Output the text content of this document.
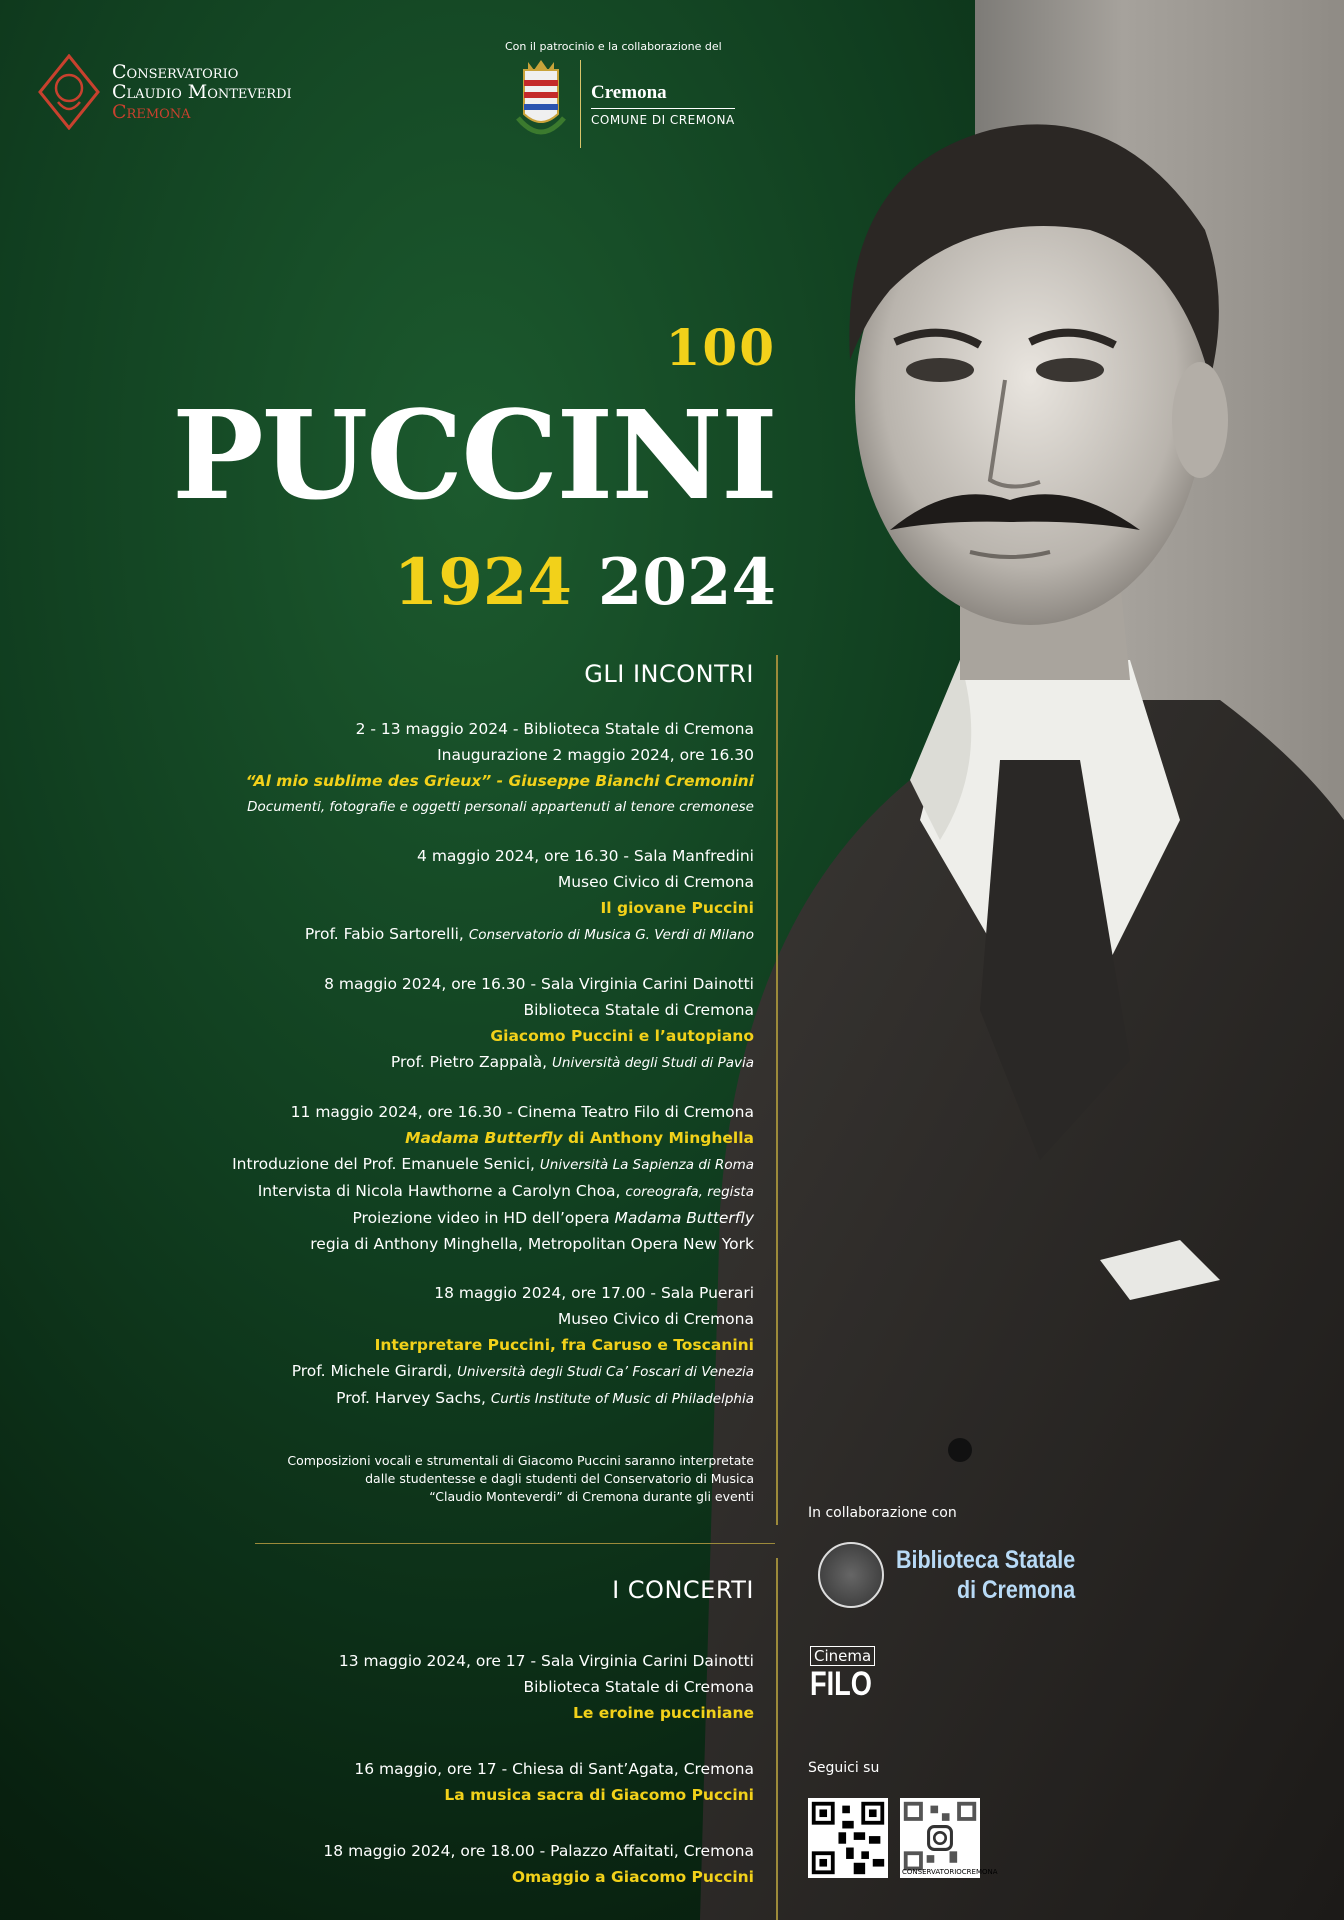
Conservatorio
Claudio Monteverdi
Cremona
Con il patrocinio e la collaborazione del
Cremona
COMUNE DI CREMONA
100
PUCCINI
1924 2024
GLI INCONTRI
2 - 13 maggio 2024 - Biblioteca Statale di Cremona
Inaugurazione 2 maggio 2024, ore 16.30
“Al mio sublime des Grieux” - Giuseppe Bianchi Cremonini
Documenti, fotografie e oggetti personali appartenuti al tenore cremonese
4 maggio 2024, ore 16.30 - Sala Manfredini
Museo Civico di Cremona
Il giovane Puccini
Prof. Fabio Sartorelli, Conservatorio di Musica G. Verdi di Milano
8 maggio 2024, ore 16.30 - Sala Virginia Carini Dainotti
Biblioteca Statale di Cremona
Giacomo Puccini e l’autopiano
Prof. Pietro Zappalà, Università degli Studi di Pavia
11 maggio 2024, ore 16.30 - Cinema Teatro Filo di Cremona
Madama Butterfly di Anthony Minghella
Introduzione del Prof. Emanuele Senici, Università La Sapienza di Roma
Intervista di Nicola Hawthorne a Carolyn Choa, coreografa, regista
Proiezione video in HD dell’opera Madama Butterfly
regia di Anthony Minghella, Metropolitan Opera New York
18 maggio 2024, ore 17.00 - Sala Puerari
Museo Civico di Cremona
Interpretare Puccini, fra Caruso e Toscanini
Prof. Michele Girardi, Università degli Studi Ca’ Foscari di Venezia
Prof. Harvey Sachs, Curtis Institute of Music di Philadelphia
Composizioni vocali e strumentali di Giacomo Puccini saranno interpretate
dalle studentesse e dagli studenti del Conservatorio di Musica
“Claudio Monteverdi” di Cremona durante gli eventi
I CONCERTI
13 maggio 2024, ore 17 - Sala Virginia Carini Dainotti
Biblioteca Statale di Cremona
Le eroine pucciniane
16 maggio, ore 17 - Chiesa di Sant’Agata, Cremona
La musica sacra di Giacomo Puccini
18 maggio 2024, ore 18.00 - Palazzo Affaitati, Cremona
Omaggio a Giacomo Puccini
In collaborazione con
Biblioteca Statale
di Cremona
Cinema
FILO
Seguici su
CONSERVATORIOCREMONA
